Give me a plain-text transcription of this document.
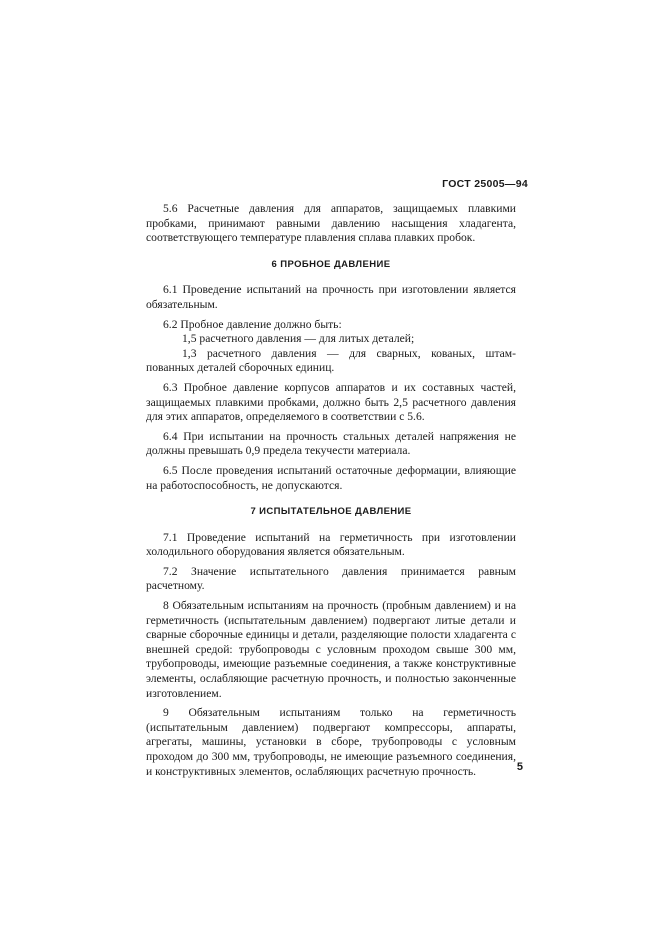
ГОСТ 25005—94

5.6 Расчетные давления для аппаратов, защищаемых плавкими пробками, принимают равными давлению насыщения хладагента, соответствующего температуре плавления сплава плавких пробок.

6 ПРОБНОЕ ДАВЛЕНИЕ

6.1 Проведение испытаний на прочность при изготовлении является обязательным.

6.2 Пробное давление должно быть:

1,5 расчетного давления — для литых деталей;

1,3 расчетного давления — для сварных, кованых, штам-

пованных деталей сборочных единиц.

6.3 Пробное давление корпусов аппаратов и их составных частей, защищаемых плавкими пробками, должно быть 2,5 расчетного давления для этих аппаратов, определяемого в соответствии с 5.6.

6.4 При испытании на прочность стальных деталей напряжения не должны превышать 0,9 предела текучести материала.

6.5 После проведения испытаний остаточные деформации, влияющие на работоспособность, не допускаются.

7 ИСПЫТАТЕЛЬНОЕ ДАВЛЕНИЕ

7.1 Проведение испытаний на герметичность при изготовлении холодильного оборудования является обязательным.

7.2 Значение испытательного давления принимается равным расчетному.

8 Обязательным испытаниям на прочность (пробным давлением) и на герметичность (испытательным давлением) подвергают литые детали и сварные сборочные единицы и детали, разделяющие полости хладагента с внешней средой: трубопроводы с условным проходом свыше 300 мм, трубопроводы, имеющие разъемные соединения, а также конструктивные элементы, ослабляющие расчетную прочность, и полностью законченные изготовлением.

9 Обязательным испытаниям только на герметичность (испытательным давлением) подвергают компрессоры, аппараты, агрегаты, машины, установки в сборе, трубопроводы с условным проходом до 300 мм, трубопроводы, не имеющие разъемного соединения, и конструктивных элементов, ослабляющих расчетную прочность.	5
